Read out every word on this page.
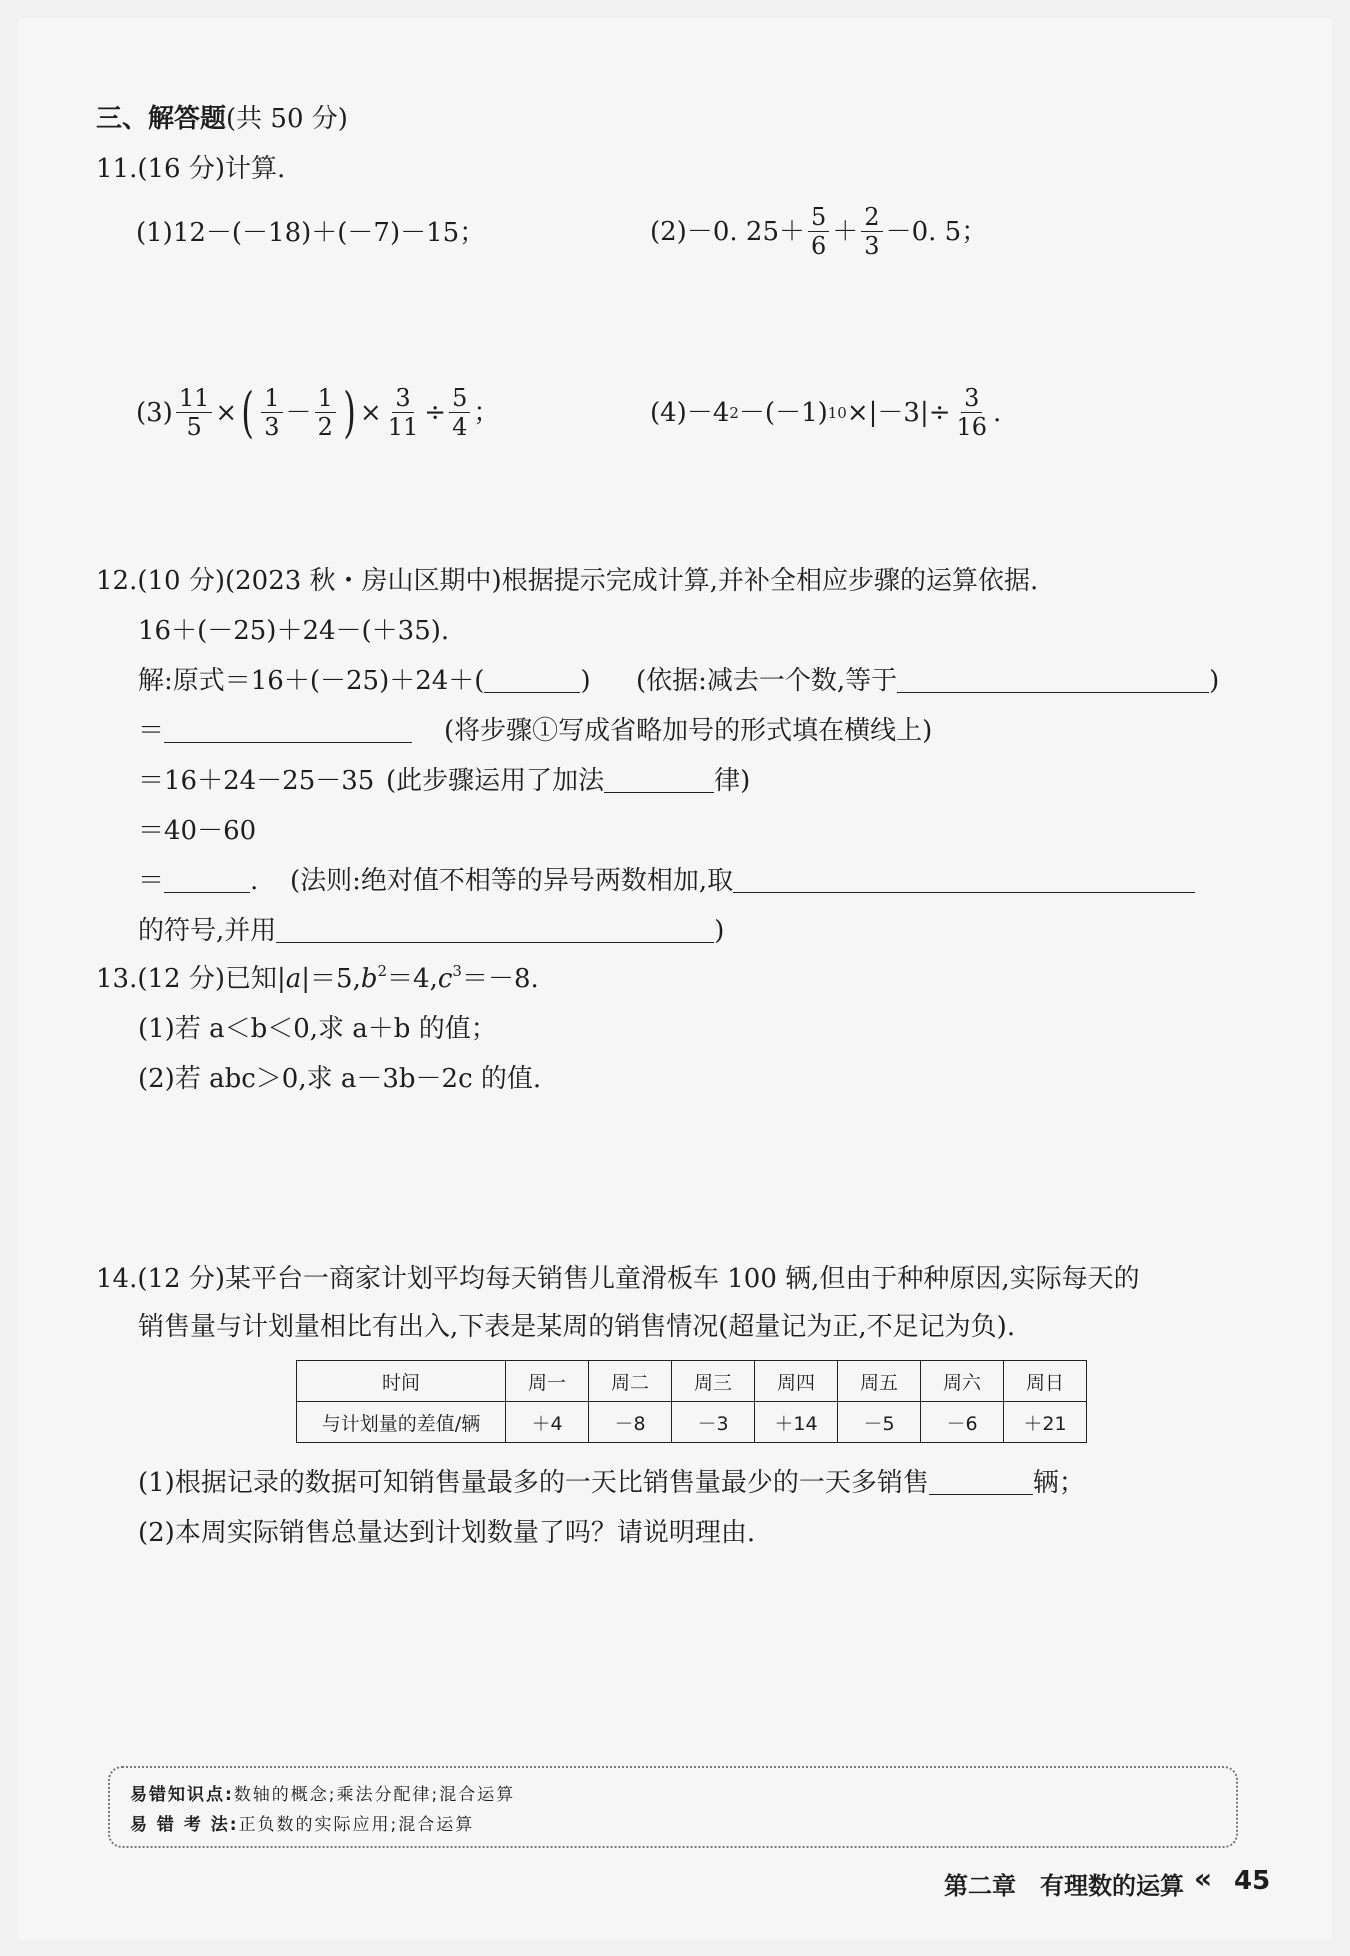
三、解答题(共 50 分)
11.(16 分)计算.
(1)12－(－18)＋(－7)－15；	(2)－0. $25+ \frac{5}{6} + \frac{2}{3} -0$. 5；
$(3) \frac{11}{5}$ × ( $\frac{1}{3} - \frac{1}{2}$ ) × $\frac{3}{11} \div \frac{5}{4}$ ；	(4)－4 2 －(－1) $10 \times|-3|\div \frac{3}{16}$ .
12.(10 分)(2023 秋・房山区期中)根据提示完成计算,并补全相应步骤的运算依据.
16＋(－25)＋24－(＋35).
解:原式＝16＋(－25)＋24＋(	) (依据:减去一个数,等于	)
＝	(将步骤①写成省略加号的形式填在横线上)
＝16＋24－25－35 (此步骤运用了加法	律)
＝40－60
＝	. (法则:绝对值不相等的异号两数相加,取
的符号,并用	)
13.(12 分)已知$|a|=5,b^2=4,c^3=-8$.
(1)若 a＜b＜0,求 a＋b 的值；
(2)若 abc＞0,求 a－3b－2c 的值.
14.(12 分)某平台一商家计划平均每天销售儿童滑板车 100 辆,但由于种种原因,实际每天的
销售量与计划量相比有出入,下表是某周的销售情况(超量记为正,不足记为负).
时间	周一	周二	周三	周四	周五	周六	周日
与计划量的差值/辆	＋4	－8	－3	＋14	－5	－6	＋21
(1)根据记录的数据可知销售量最多的一天比销售量最少的一天多销售	辆；
(2)本周实际销售总量达到计划数量了吗？请说明理由.
易错知识点:数轴的概念;乘法分配律;混合运算
易 错 考 法:正负数的实际应用;混合运算
第二章 有理数的运算 « 45
